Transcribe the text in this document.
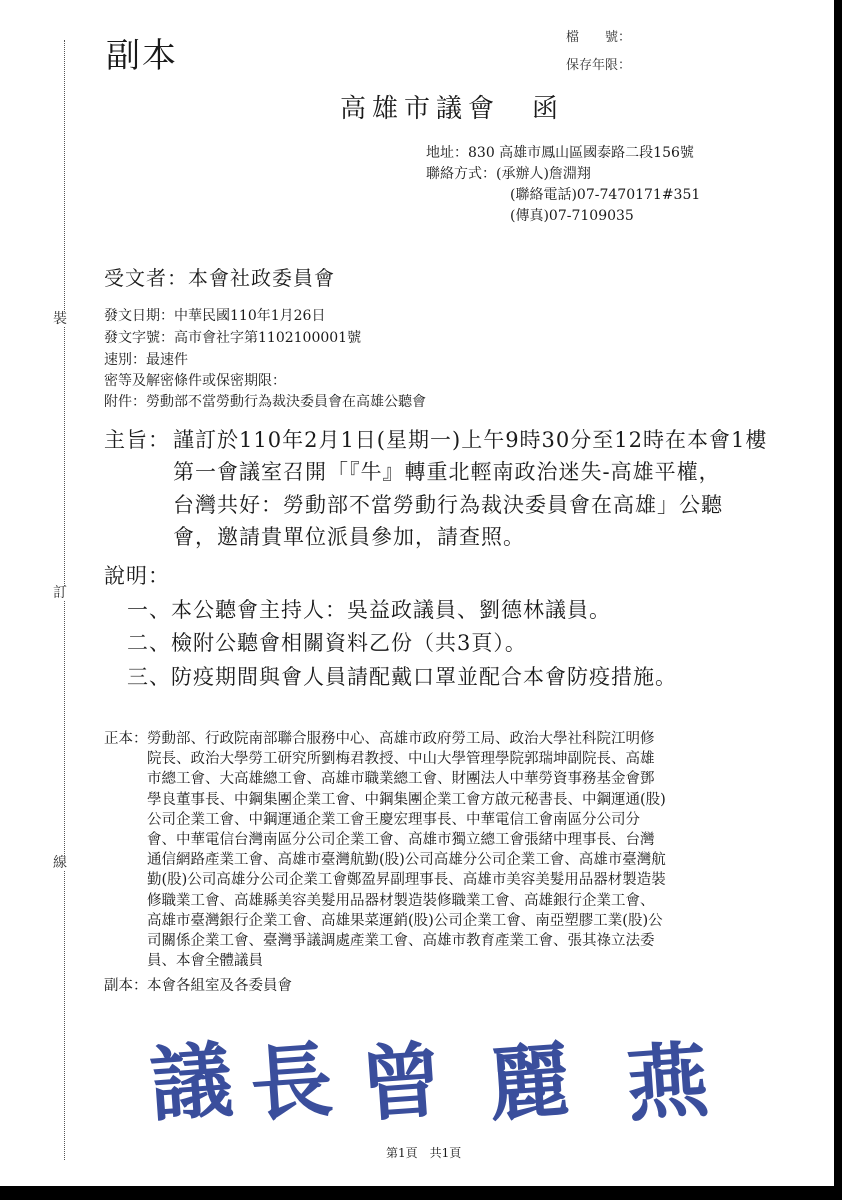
裝
訂
線
副本	檔　　號：
保存年限：
高雄市議會　函
地址：830 高雄市鳳山區國泰路二段156號
聯絡方式：(承辦人)詹淵翔
(聯絡電話)07-7470171#351
(傳真)07-7109035
受文者：本會社政委員會
發文日期：中華民國110年1月26日
發文字號：高市會社字第1102100001號
速別：最速件
密等及解密條件或保密期限：
附件：勞動部不當勞動行為裁決委員會在高雄公聽會
主旨： 謹訂於110年2月1日(星期一)上午9時30分至12時在本會1樓
第一會議室召開「『牛』轉重北輕南政治迷失-高雄平權，
台灣共好：勞動部不當勞動行為裁決委員會在高雄」公聽
會，邀請貴單位派員參加，請查照。
說明：
一、本公聽會主持人：吳益政議員、劉德林議員。
二、檢附公聽會相關資料乙份（共3頁）。
三、防疫期間與會人員請配戴口罩並配合本會防疫措施。
正本： 勞動部、行政院南部聯合服務中心、高雄市政府勞工局、政治大學社科院江明修
院長、政治大學勞工研究所劉梅君教授、中山大學管理學院郭瑞坤副院長、高雄
市總工會、大高雄總工會、高雄市職業總工會、財團法人中華勞資事務基金會鄧
學良董事長、中鋼集團企業工會、中鋼集團企業工會方啟元秘書長、中鋼運通(股)
公司企業工會、中鋼運通企業工會王慶宏理事長、中華電信工會南區分公司分
會、中華電信台灣南區分公司企業工會、高雄市獨立總工會張緒中理事長、台灣
通信網路產業工會、高雄市臺灣航勤(股)公司高雄分公司企業工會、高雄市臺灣航
勤(股)公司高雄分公司企業工會鄭盈昇副理事長、高雄市美容美髮用品器材製造裝
修職業工會、高雄縣美容美髮用品器材製造裝修職業工會、高雄銀行企業工會、
高雄市臺灣銀行企業工會、高雄果菜運銷(股)公司企業工會、南亞塑膠工業(股)公
司關係企業工會、臺灣爭議調處產業工會、高雄市教育產業工會、張其祿立法委
員、本會全體議員
副本： 本會各組室及各委員會
議 長 曾 麗 燕
第1頁　共1頁
